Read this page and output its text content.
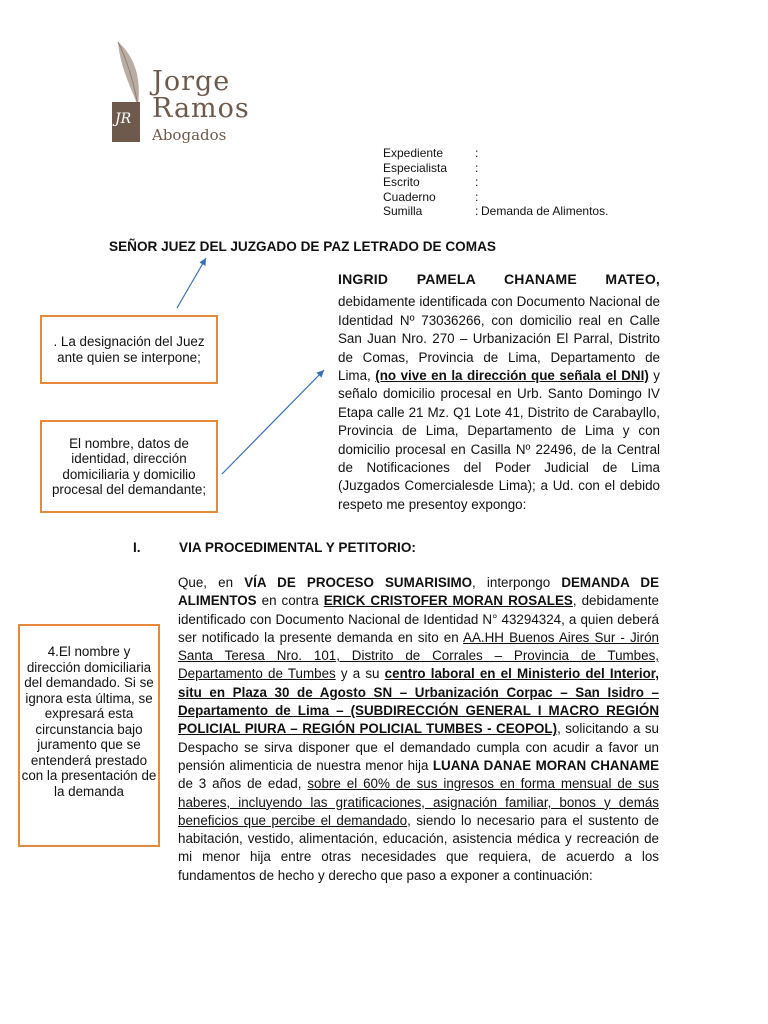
JR
Jorge
Ramos
Abogados
Expediente	:
Especialista	:
Escrito	:
Cuaderno	:
Sumilla	: Demanda de Alimentos.
SEÑOR JUEZ DEL JUZGADO DE PAZ LETRADO DE COMAS
INGRID PAMELA CHANAME MATEO,
debidamente identificada con Documento Nacional de Identidad Nº 73036266, con domicilio real en Calle San Juan Nro. 270 – Urbanización El Parral, Distrito de Comas, Provincia de Lima, Departamento de Lima, (no vive en la dirección que señala el DNI) y señalo domicilio procesal en Urb. Santo Domingo IV Etapa calle 21 Mz. Q1 Lote 41, Distrito de Carabayllo, Provincia de Lima, Departamento de Lima y con domicilio procesal en Casilla Nº 22496, de la Central de Notificaciones del Poder Judicial de Lima (Juzgados Comercialesde Lima); a Ud. con el debido respeto me presentoy expongo:
. La designación del Juez ante quien se interpone;
El nombre, datos de identidad, dirección domiciliaria y domicilio procesal del demandante;
4.El nombre y dirección domiciliaria del demandado. Si se ignora esta última, se expresará esta circunstancia bajo juramento que se entenderá prestado con la presentación de la demanda
I.	VIA PROCEDIMENTAL Y PETITORIO:
Que, en VÍA DE PROCESO SUMARISIMO, interpongo DEMANDA DE ALIMENTOS en contra ERICK CRISTOFER MORAN ROSALES, debidamente identificado con Documento Nacional de Identidad N° 43294324, a quien deberá ser notificado la presente demanda en sito en AA.HH Buenos Aires Sur - Jirón Santa Teresa Nro. 101, Distrito de Corrales – Provincia de Tumbes, Departamento de Tumbes y a su centro laboral en el Ministerio del Interior, situ en Plaza 30 de Agosto SN – Urbanización Corpac – San Isidro – Departamento de Lima – (SUBDIRECCIÓN GENERAL I MACRO REGIÓN POLICIAL PIURA – REGIÓN POLICIAL TUMBES - CEOPOL), solicitando a su Despacho se sirva disponer que el demandado cumpla con acudir a favor un pensión alimenticia de nuestra menor hija LUANA DANAE MORAN CHANAME de 3 años de edad, sobre el 60% de sus ingresos en forma mensual de sus haberes, incluyendo las gratificaciones, asignación familiar, bonos y demás beneficios que percibe el demandado, siendo lo necesario para el sustento de habitación, vestido, alimentación, educación, asistencia médica y recreación de mi menor hija entre otras necesidades que requiera, de acuerdo a los fundamentos de hecho y derecho que paso a exponer a continuación:
